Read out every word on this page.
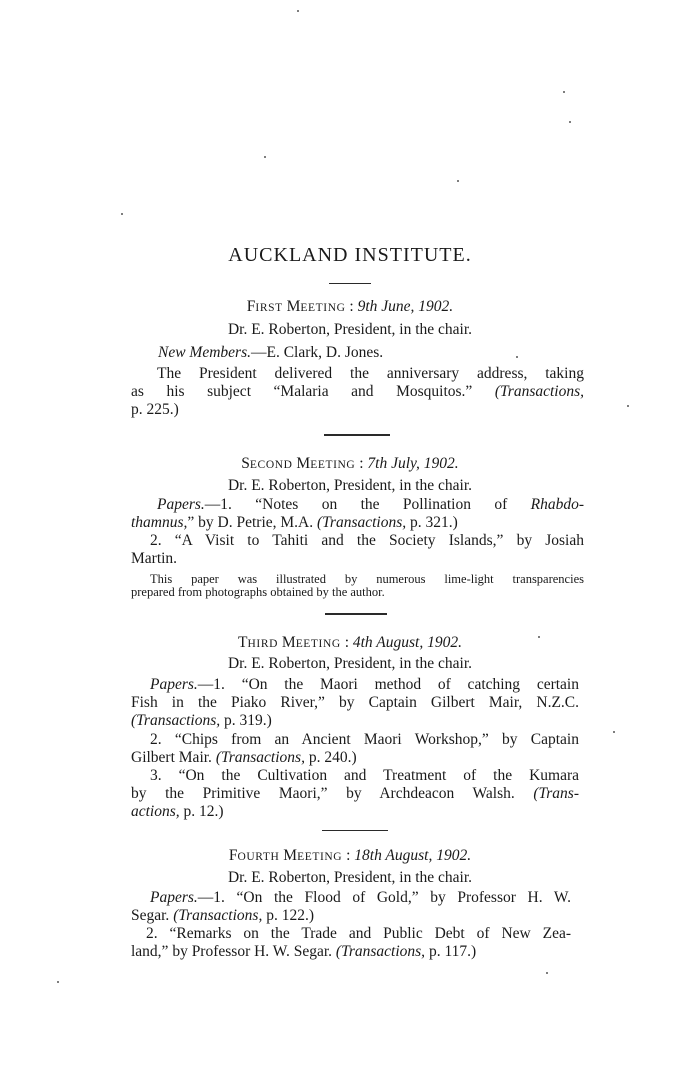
AUCKLAND INSTITUTE.
FIRST MEETING : 9th June, 1902.
Dr. E. Roberton, President, in the chair.
New Members.—E. Clark, D. Jones.
The President delivered the anniversary address, taking
as his subject “Malaria and Mosquitos.” (Transactions,
p. 225.)
SECOND MEETING : 7th July, 1902.
Dr. E. Roberton, President, in the chair.
Papers.—1. “Notes on the Pollination of Rhabdo-
thamnus,” by D. Petrie, M.A. (Transactions, p. 321.)
2. “A Visit to Tahiti and the Society Islands,” by Josiah
Martin.
This paper was illustrated by numerous lime-light transparencies
prepared from photographs obtained by the author.
THIRD MEETING : 4th August, 1902.
Dr. E. Roberton, President, in the chair.
Papers.—1. “On the Maori method of catching certain
Fish in the Piako River,” by Captain Gilbert Mair, N.Z.C.
(Transactions, p. 319.)
2. “Chips from an Ancient Maori Workshop,” by Captain
Gilbert Mair. (Transactions, p. 240.)
3. “On the Cultivation and Treatment of the Kumara
by the Primitive Maori,” by Archdeacon Walsh. (Trans-
actions, p. 12.)
FOURTH MEETING : 18th August, 1902.
Dr. E. Roberton, President, in the chair.
Papers.—1. “On the Flood of Gold,” by Professor H. W.
Segar. (Transactions, p. 122.)
2. “Remarks on the Trade and Public Debt of New Zea-
land,” by Professor H. W. Segar. (Transactions, p. 117.)
